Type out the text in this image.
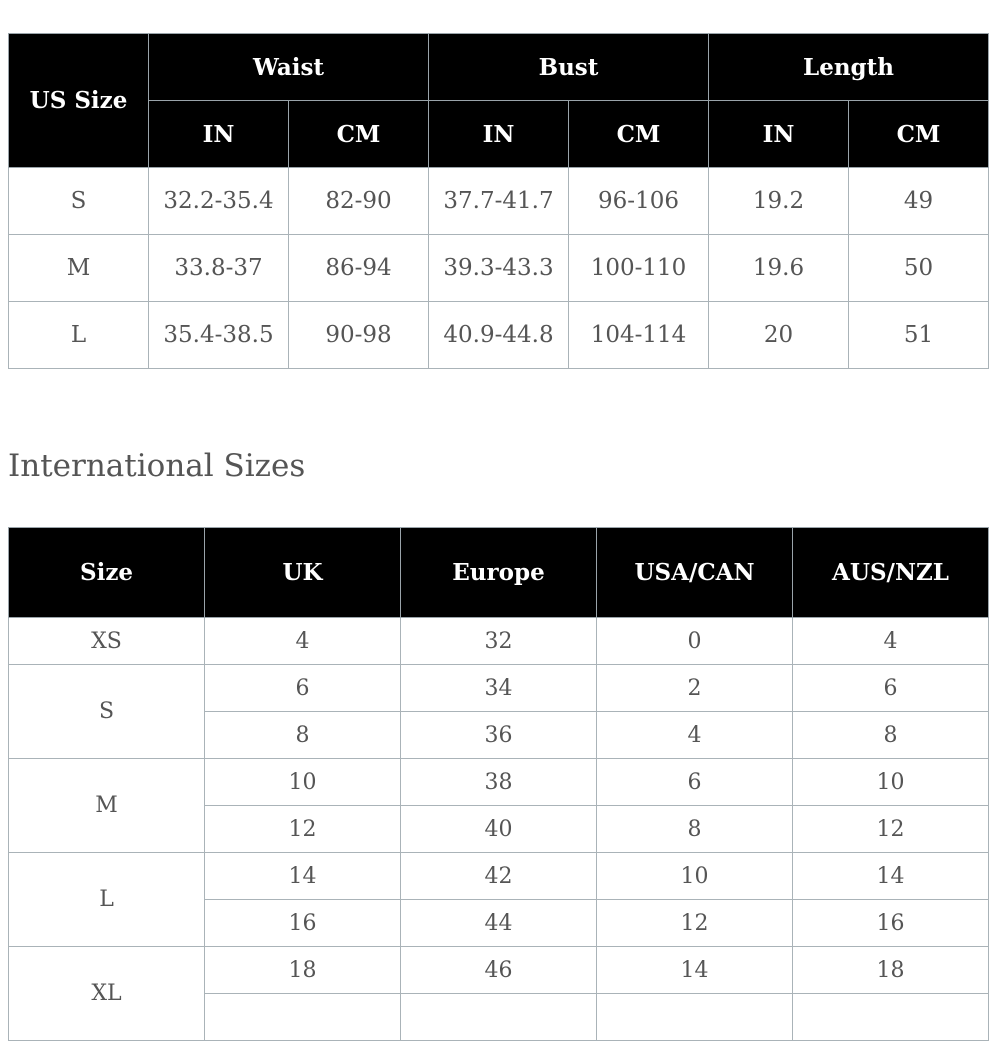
US Size	Waist		Bust		Length	
	IN	CM	IN	CM	IN	CM
S	32.2-35.4	82-90	37.7-41.7	96-106	19.2	49
M	33.8-37	86-94	39.3-43.3	100-110	19.6	50
L	35.4-38.5	90-98	40.9-44.8	104-114	20	51
International Sizes
Size	UK	Europe	USA/CAN	AUS/NZL
XS	4	32	0	4
S	6	34	2	6
	8	36	4	8
M	10	38	6	10
	12	40	8	12
L	14	42	10	14
	16	44	12	16
XL	18	46	14	18
